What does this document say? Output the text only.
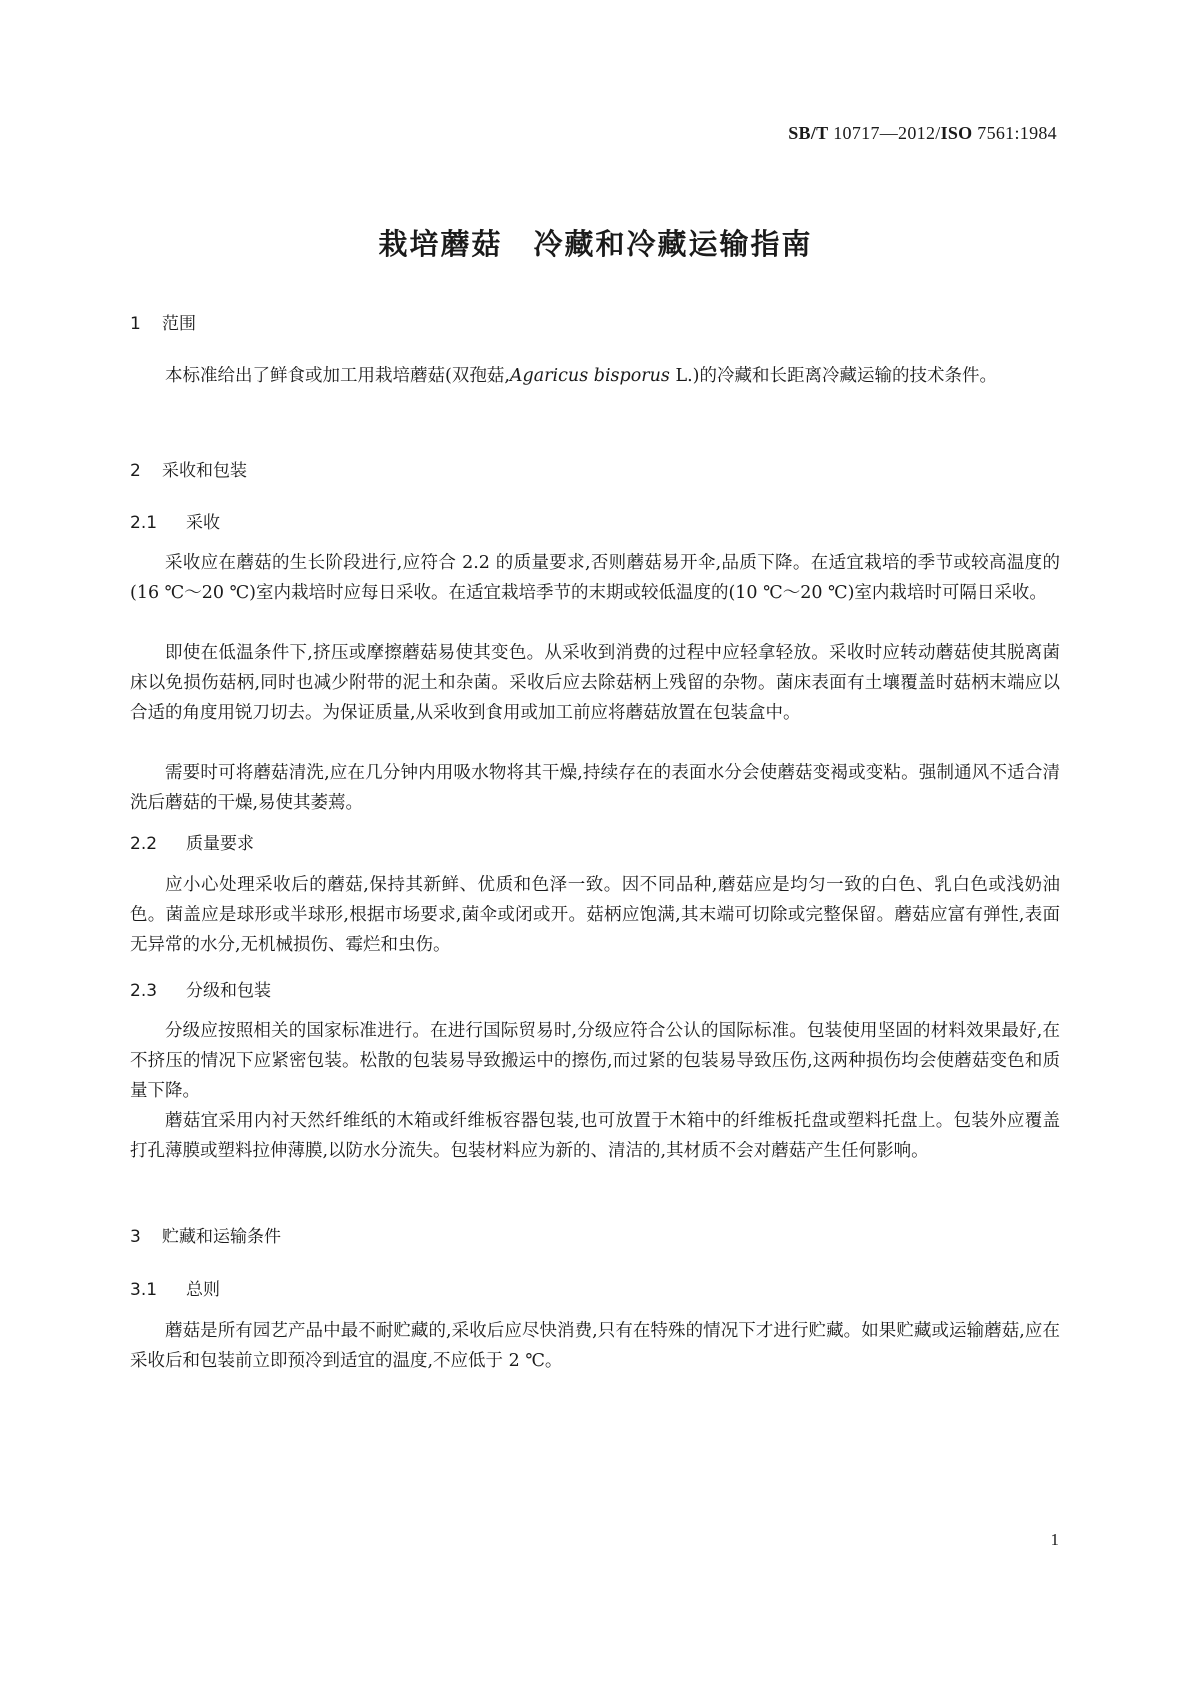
SB/T 10717—2012/ISO 7561:1984
栽培蘑菇　冷藏和冷藏运输指南
1 范围
本标准给出了鲜食或加工用栽培蘑菇(双孢菇,Agaricus bisporus L.)的冷藏和长距离冷藏运输的技术条件。
2 采收和包装
2.1 采收
采收应在蘑菇的生长阶段进行,应符合 2.2 的质量要求,否则蘑菇易开伞,品质下降。在适宜栽培的季节或较高温度的(16 ℃～20 ℃)室内栽培时应每日采收。在适宜栽培季节的末期或较低温度的(10 ℃～20 ℃)室内栽培时可隔日采收。
即使在低温条件下,挤压或摩擦蘑菇易使其变色。从采收到消费的过程中应轻拿轻放。采收时应转动蘑菇使其脱离菌床以免损伤菇柄,同时也减少附带的泥土和杂菌。采收后应去除菇柄上残留的杂物。菌床表面有土壤覆盖时菇柄末端应以合适的角度用锐刀切去。为保证质量,从采收到食用或加工前应将蘑菇放置在包装盒中。
需要时可将蘑菇清洗,应在几分钟内用吸水物将其干燥,持续存在的表面水分会使蘑菇变褐或变粘。强制通风不适合清洗后蘑菇的干燥,易使其萎蔫。
2.2 质量要求
应小心处理采收后的蘑菇,保持其新鲜、优质和色泽一致。因不同品种,蘑菇应是均匀一致的白色、乳白色或浅奶油色。菌盖应是球形或半球形,根据市场要求,菌伞或闭或开。菇柄应饱满,其末端可切除或完整保留。蘑菇应富有弹性,表面无异常的水分,无机械损伤、霉烂和虫伤。
2.3 分级和包装
分级应按照相关的国家标准进行。在进行国际贸易时,分级应符合公认的国际标准。包装使用坚固的材料效果最好,在不挤压的情况下应紧密包装。松散的包装易导致搬运中的擦伤,而过紧的包装易导致压伤,这两种损伤均会使蘑菇变色和质量下降。
蘑菇宜采用内衬天然纤维纸的木箱或纤维板容器包装,也可放置于木箱中的纤维板托盘或塑料托盘上。包装外应覆盖打孔薄膜或塑料拉伸薄膜,以防水分流失。包装材料应为新的、清洁的,其材质不会对蘑菇产生任何影响。
3 贮藏和运输条件
3.1 总则
蘑菇是所有园艺产品中最不耐贮藏的,采收后应尽快消费,只有在特殊的情况下才进行贮藏。如果贮藏或运输蘑菇,应在采收后和包装前立即预冷到适宜的温度,不应低于 2 ℃。
1
